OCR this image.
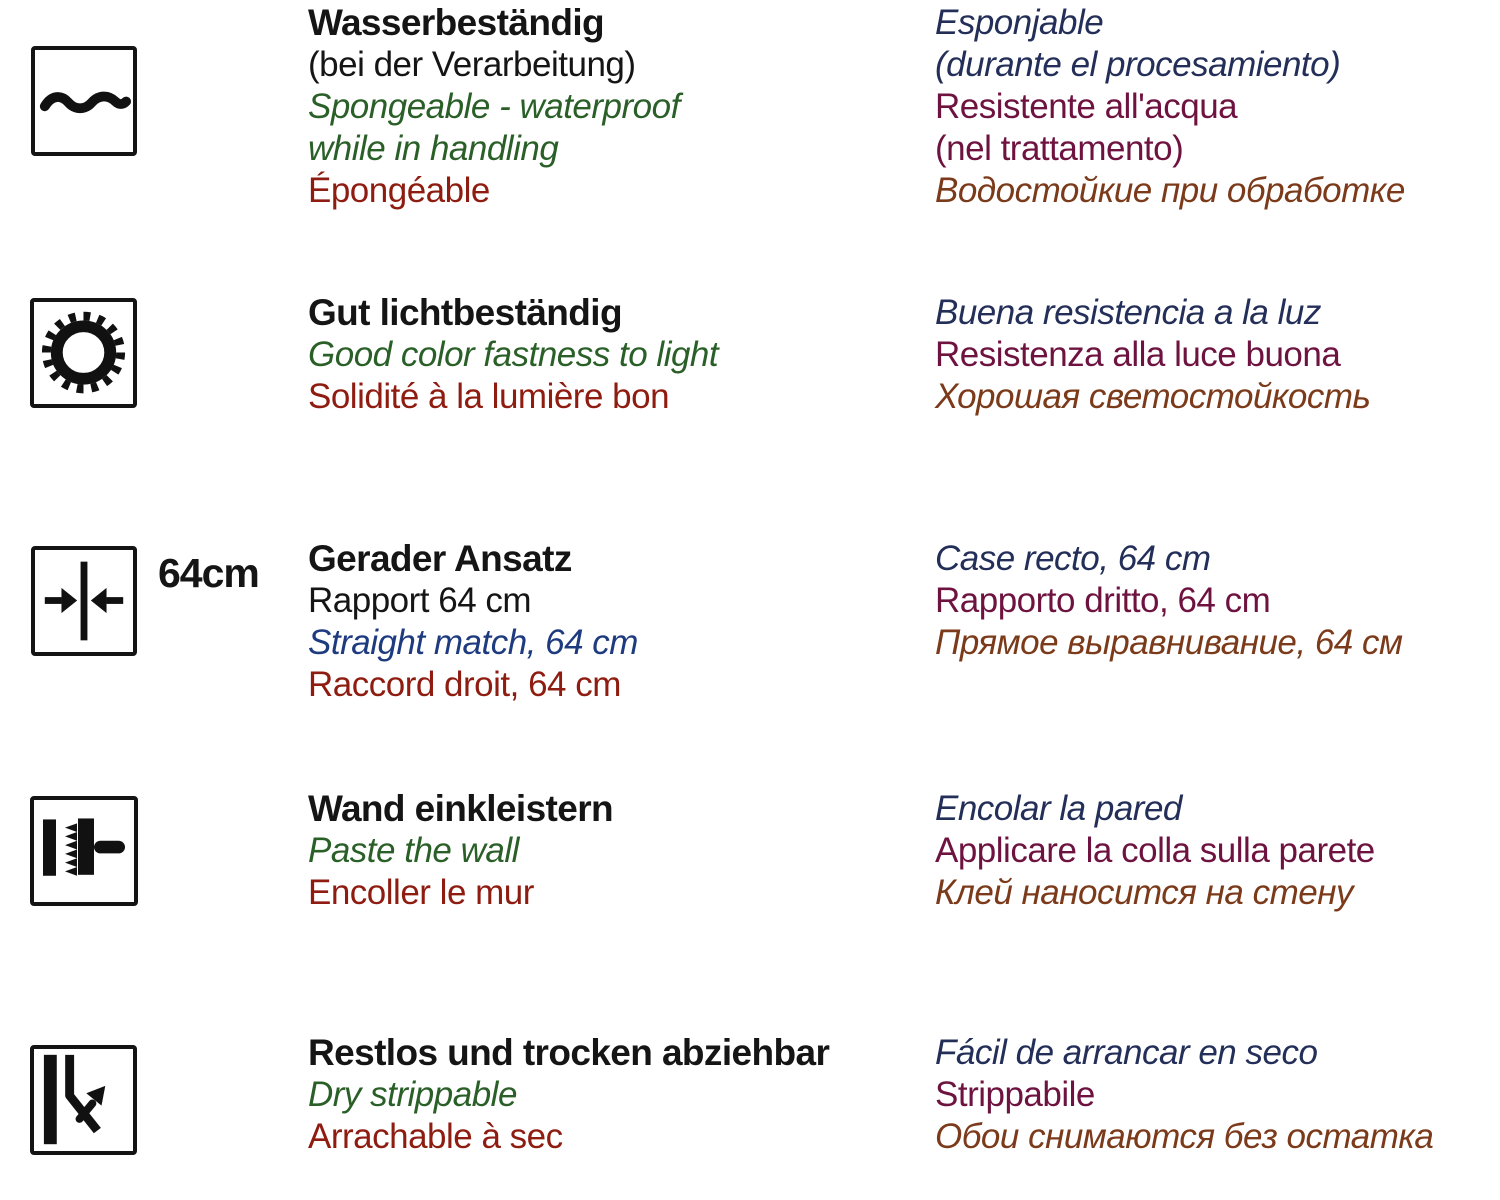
Wasserbeständig
(bei der Verarbeitung)
Spongeable - waterproof
while in handling
Épongéable
Esponjable
(durante el procesamiento)
Resistente all'acqua
(nel trattamento)
Водостойкие при обработке
Gut lichtbeständig
Good color fastness to light
Solidité à la lumière bon
Buena resistencia a la luz
Resistenza alla luce buona
Хорошая светостойкость
64cm Gerader Ansatz
Rapport 64 cm
Straight match, 64 cm
Raccord droit, 64 cm
Case recto, 64 cm
Rapporto dritto, 64 cm
Прямое выравнивание, 64 см
Wand einkleistern
Paste the wall
Encoller le mur
Encolar la pared
Applicare la colla sulla parete
Клей наносится на стену
Restlos und trocken abziehbar
Dry strippable
Arrachable à sec
Fácil de arrancar en seco
Strippabile
Обои снимаются без остатка
